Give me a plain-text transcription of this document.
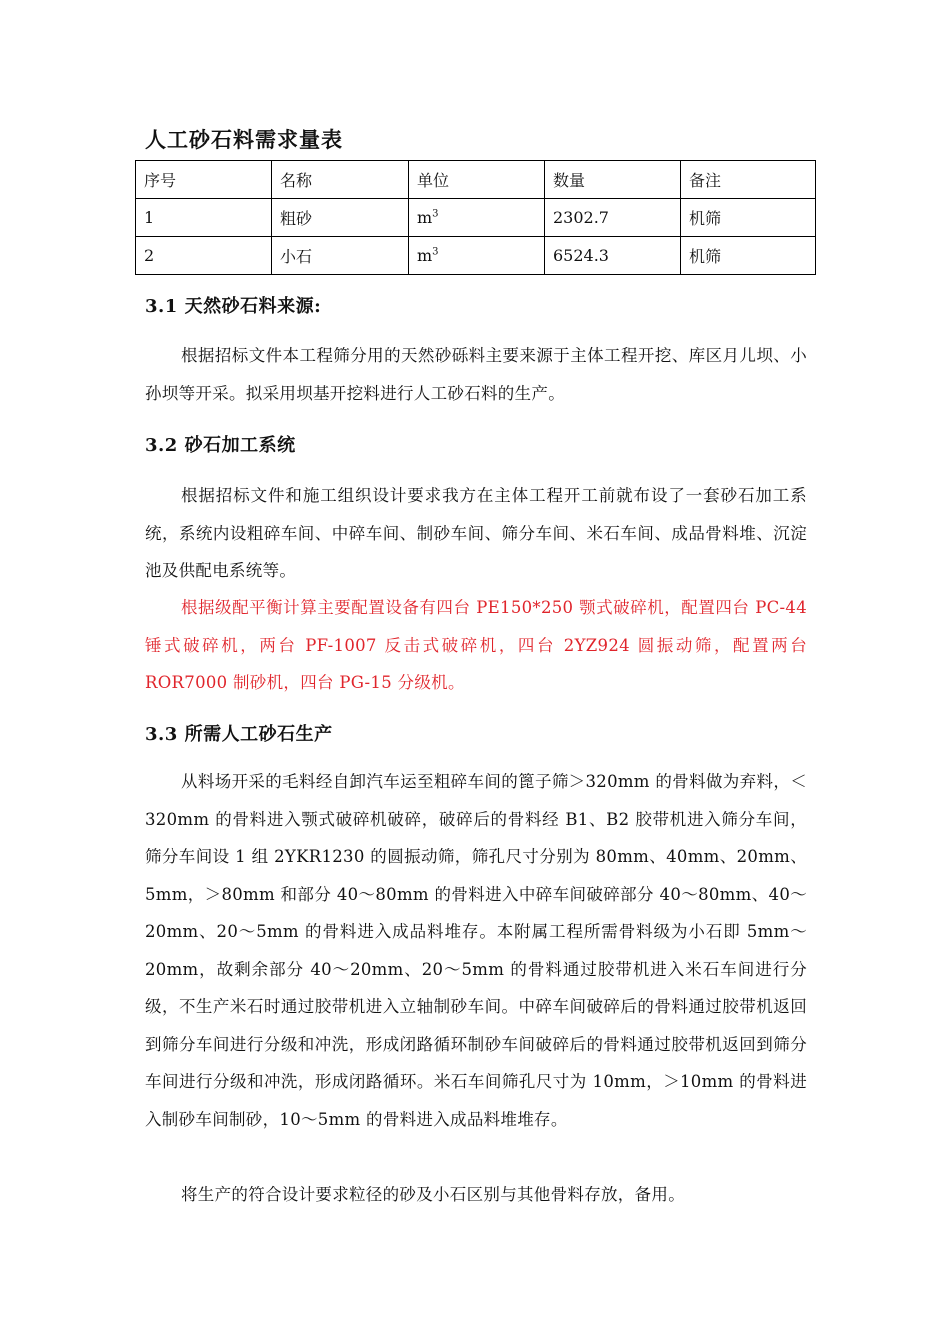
人工砂石料需求量表
序号	名称	单位	数量	备注
1	粗砂	$m^3$	2302.7	机筛
2	小石	$m^3$	6524.3	机筛
3.1 天然砂石料来源:
根据招标文件本工程筛分用的天然砂砾料主要来源于主体工程开挖、库区月儿坝、小孙坝等开采。拟采用坝基开挖料进行人工砂石料的生产。
3.2 砂石加工系统
根据招标文件和施工组织设计要求我方在主体工程开工前就布设了一套砂石加工系统，系统内设粗碎车间、中碎车间、制砂车间、筛分车间、米石车间、成品骨料堆、沉淀池及供配电系统等。
根据级配平衡计算主要配置设备有四台 PE150*250 颚式破碎机，配置四台 PC-44 锤式破碎机，两台 PF-1007 反击式破碎机，四台 2YZ924 圆振动筛，配置两台 ROR7000 制砂机，四台 PG-15 分级机。
3.3 所需人工砂石生产
从料场开采的毛料经自卸汽车运至粗碎车间的篦子筛＞320mm 的骨料做为弃料，＜320mm 的骨料进入颚式破碎机破碎，破碎后的骨料经 B1、B2 胶带机进入筛分车间，筛分车间设 1 组 2YKR1230 的圆振动筛，筛孔尺寸分别为 80mm、40mm、20mm、5mm，＞80mm 和部分 40～80mm 的骨料进入中碎车间破碎部分 40～80mm、40～20mm、20～5mm 的骨料进入成品料堆存。本附属工程所需骨料级为小石即 5mm～20mm，故剩余部分 40～20mm、20～5mm 的骨料通过胶带机进入米石车间进行分级，不生产米石时通过胶带机进入立轴制砂车间。中碎车间破碎后的骨料通过胶带机返回到筛分车间进行分级和冲洗，形成闭路循环制砂车间破碎后的骨料通过胶带机返回到筛分车间进行分级和冲洗，形成闭路循环。米石车间筛孔尺寸为 10mm，＞10mm 的骨料进入制砂车间制砂，10～5mm 的骨料进入成品料堆堆存。
将生产的符合设计要求粒径的砂及小石区别与其他骨料存放，备用。
